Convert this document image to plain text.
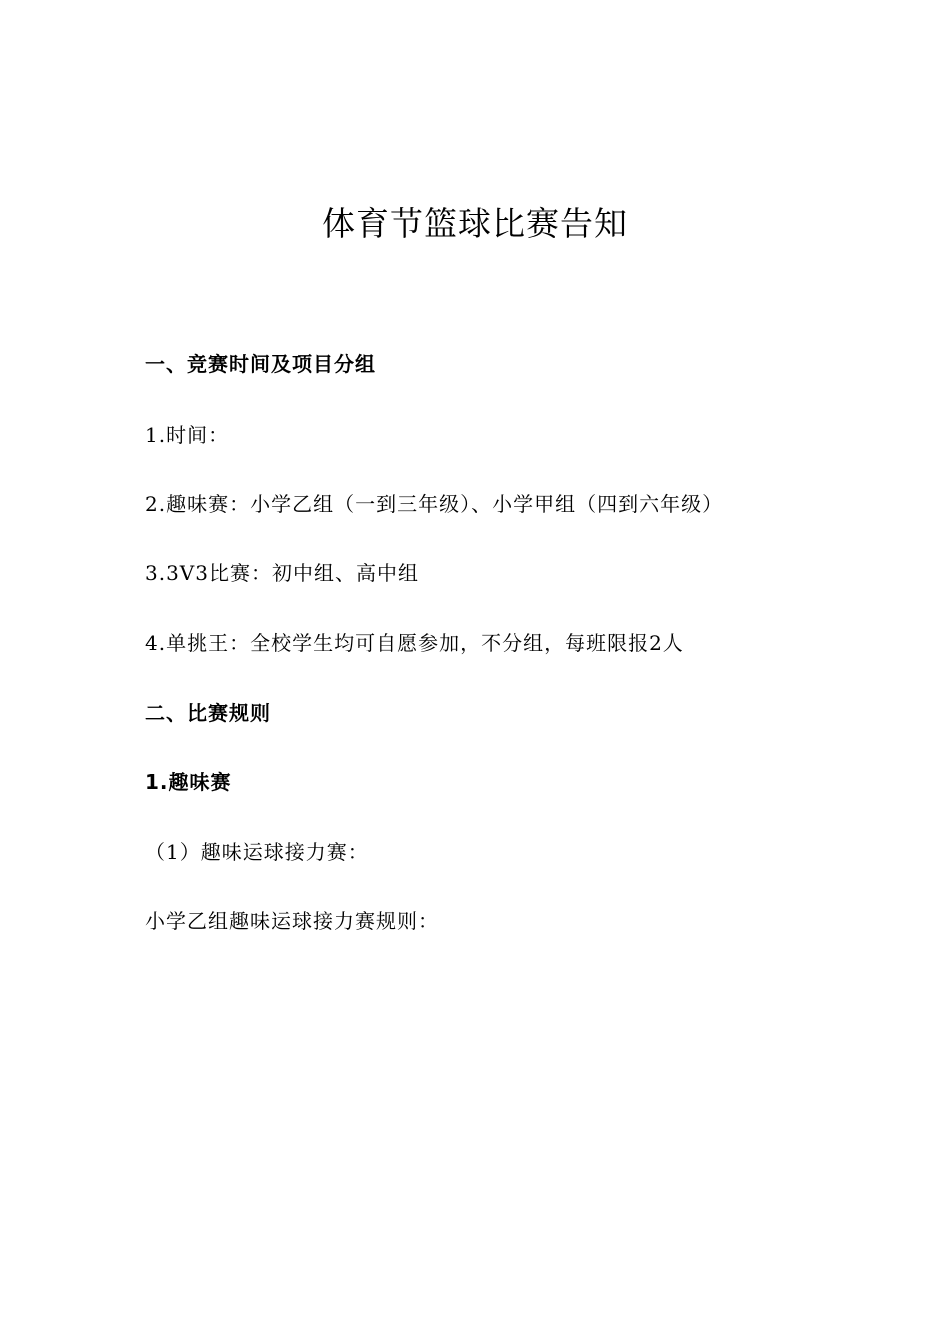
体育节篮球比赛告知
一、竞赛时间及项目分组
1.时间：
2.趣味赛：小学乙组（一到三年级）、小学甲组（四到六年级）
3.3V3比赛：初中组、高中组
4.单挑王：全校学生均可自愿参加，不分组，每班限报2人
二、比赛规则
1.趣味赛
（1）趣味运球接力赛：
小学乙组趣味运球接力赛规则：
